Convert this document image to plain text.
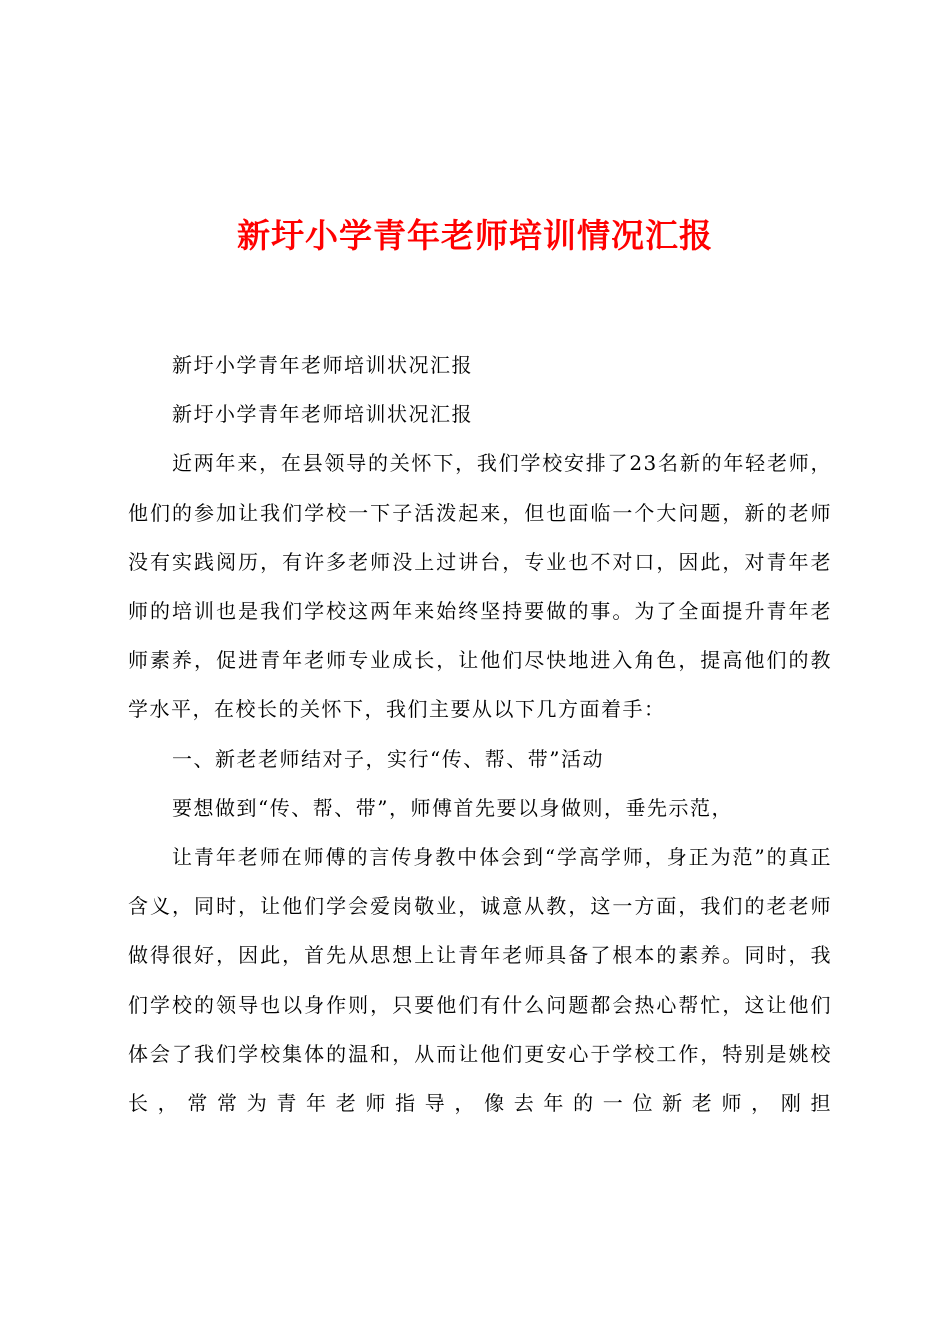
新圩小学青年老师培训情况汇报

新圩小学青年老师培训状况汇报

新圩小学青年老师培训状况汇报

近两年来，在县领导的关怀下，我们学校安排了23名新的年轻老师，他们的参加让我们学校一下子活泼起来，但也面临一个大问题，新的老师没有实践阅历，有许多老师没上过讲台，专业也不对口，因此，对青年老师的培训也是我们学校这两年来始终坚持要做的事。为了全面提升青年老师素养，促进青年老师专业成长，让他们尽快地进入角色，提高他们的教学水平，在校长的关怀下，我们主要从以下几方面着手：

一、新老老师结对子，实行“传、帮、带”活动

要想做到“传、帮、带”，师傅首先要以身做则，垂先示范，

让青年老师在师傅的言传身教中体会到“学高学师，身正为范”的真正含义，同时，让他们学会爱岗敬业，诚意从教，这一方面，我们的老老师做得很好，因此，首先从思想上让青年老师具备了根本的素养。同时，我们学校的领导也以身作则，只要他们有什么问题都会热心帮忙，这让他们体会了我们学校集体的温和，从而让他们更安心于学校工作，特别是姚校长，常常为青年老师指导，像去年的一位新老师，刚担
